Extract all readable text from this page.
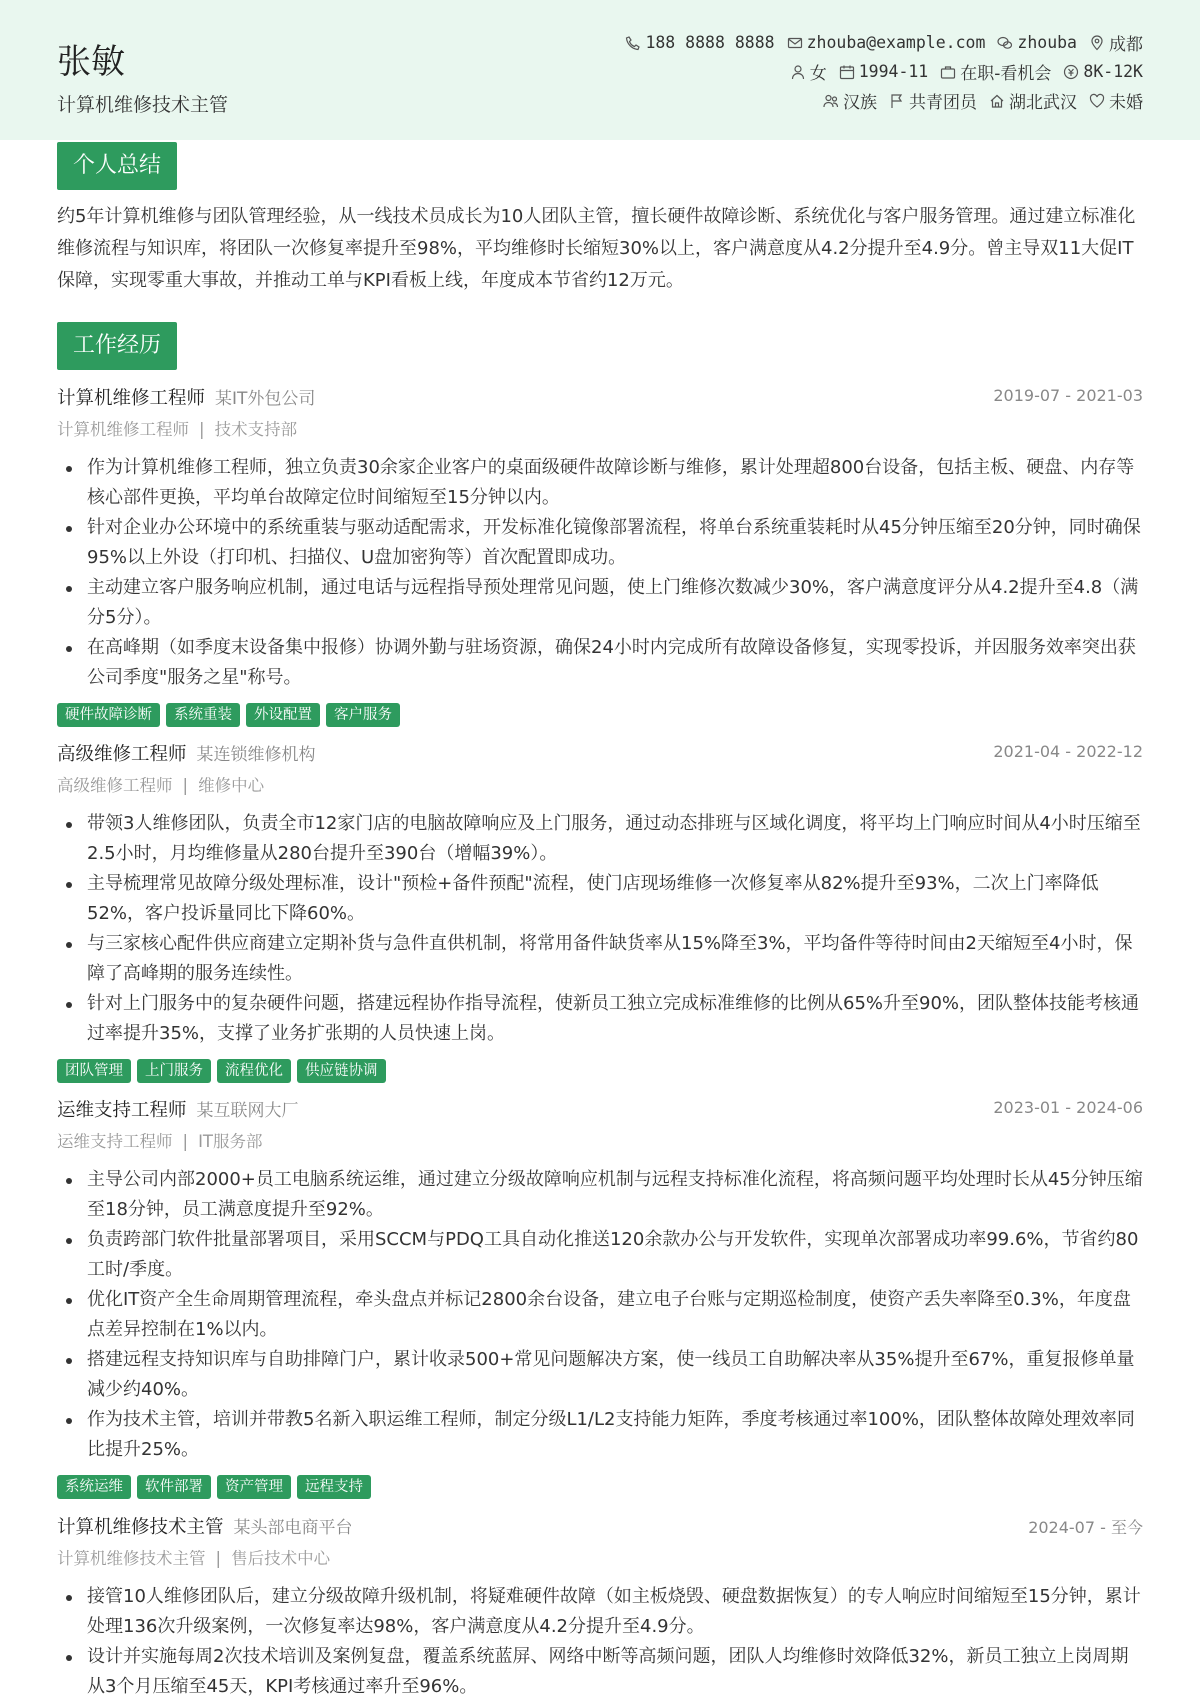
张敏
计算机维修技术主管
188 8888 8888 zhouba@example.com zhouba 成都
女 1994-11 在职-看机会 8K-12K
汉族 共青团员 湖北武汉 未婚
个人总结
约5年计算机维修与团队管理经验，从一线技术员成长为10人团队主管，擅长硬件故障诊断、系统优化与客户服务管理。通过建立标准化维修流程与知识库，将团队一次修复率提升至98%，平均维修时长缩短30%以上，客户满意度从4.2分提升至4.9分。曾主导双11大促IT保障，实现零重大事故，并推动工单与KPI看板上线，年度成本节省约12万元。
工作经历
计算机维修工程师 某IT外包公司	2019-07 - 2021-03
计算机维修工程师 | 技术支持部
作为计算机维修工程师，独立负责30余家企业客户的桌面级硬件故障诊断与维修，累计处理超800台设备，包括主板、硬盘、内存等核心部件更换，平均单台故障定位时间缩短至15分钟以内。
针对企业办公环境中的系统重装与驱动适配需求，开发标准化镜像部署流程，将单台系统重装耗时从45分钟压缩至20分钟，同时确保95%以上外设（打印机、扫描仪、U盘加密狗等）首次配置即成功。
主动建立客户服务响应机制，通过电话与远程指导预处理常见问题，使上门维修次数减少30%，客户满意度评分从4.2提升至4.8（满分5分）。
在高峰期（如季度末设备集中报修）协调外勤与驻场资源，确保24小时内完成所有故障设备修复，实现零投诉，并因服务效率突出获公司季度"服务之星"称号。
硬件故障诊断	系统重装	外设配置	客户服务
高级维修工程师 某连锁维修机构	2021-04 - 2022-12
高级维修工程师 | 维修中心
带领3人维修团队，负责全市12家门店的电脑故障响应及上门服务，通过动态排班与区域化调度，将平均上门响应时间从4小时压缩至2.5小时，月均维修量从280台提升至390台（增幅39%）。
主导梳理常见故障分级处理标准，设计"预检+备件预配"流程，使门店现场维修一次修复率从82%提升至93%，二次上门率降低52%，客户投诉量同比下降60%。
与三家核心配件供应商建立定期补货与急件直供机制，将常用备件缺货率从15%降至3%，平均备件等待时间由2天缩短至4小时，保障了高峰期的服务连续性。
针对上门服务中的复杂硬件问题，搭建远程协作指导流程，使新员工独立完成标准维修的比例从65%升至90%，团队整体技能考核通过率提升35%，支撑了业务扩张期的人员快速上岗。
团队管理	上门服务	流程优化	供应链协调
运维支持工程师 某互联网大厂	2023-01 - 2024-06
运维支持工程师 | IT服务部
主导公司内部2000+员工电脑系统运维，通过建立分级故障响应机制与远程支持标准化流程，将高频问题平均处理时长从45分钟压缩至18分钟，员工满意度提升至92%。
负责跨部门软件批量部署项目，采用SCCM与PDQ工具自动化推送120余款办公与开发软件，实现单次部署成功率99.6%，节省约80工时/季度。
优化IT资产全生命周期管理流程，牵头盘点并标记2800余台设备，建立电子台账与定期巡检制度，使资产丢失率降至0.3%，年度盘点差异控制在1%以内。
搭建远程支持知识库与自助排障门户，累计收录500+常见问题解决方案，使一线员工自助解决率从35%提升至67%，重复报修单量减少约40%。
作为技术主管，培训并带教5名新入职运维工程师，制定分级L1/L2支持能力矩阵，季度考核通过率100%，团队整体故障处理效率同比提升25%。
系统运维	软件部署	资产管理	远程支持
计算机维修技术主管 某头部电商平台	2024-07 - 至今
计算机维修技术主管 | 售后技术中心
接管10人维修团队后，建立分级故障升级机制，将疑难硬件故障（如主板烧毁、硬盘数据恢复）的专人响应时间缩短至15分钟，累计处理136次升级案例，一次修复率达98%，客户满意度从4.2分提升至4.9分。
设计并实施每周2次技术培训及案例复盘，覆盖系统蓝屏、网络中断等高频问题，团队人均维修时效降低32%，新员工独立上岗周期从3个月压缩至45天，KPI考核通过率升至96%。
